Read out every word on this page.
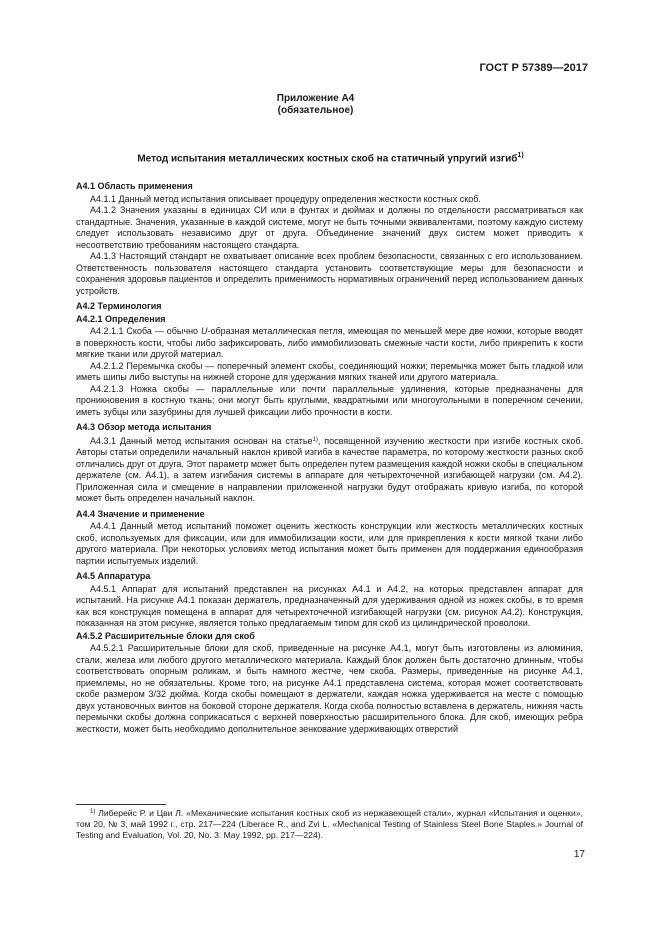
ГОСТ Р 57389—2017
Приложение А4
(обязательное)
Метод испытания металлических костных скоб на статичный упругий изгиб$^{1)}$

А4.1 Область применения

А4.1.1 Данный метод испытания описывает процедуру определения жесткости костных скоб.

А4.1.2 Значения указаны в единицах СИ или в фунтах и дюймах и должны по отдельности рассматриваться как стандартные. Значения, указанные в каждой системе, могут не быть точными эквивалентами, поэтому каждую систему следует использовать независимо друг от друга. Объединение значений двух систем может приводить к несоответствию требованиям настоящего стандарта.

А4.1.3 Настоящий стандарт не охватывает описание всех проблем безопасности, связанных с его использованием. Ответственность пользователя настоящего стандарта установить соответствующие меры для безопасности и сохранения здоровья пациентов и определить применимость нормативных ограничений перед использованием данных устройств.

А4.2 Терминология

А4.2.1 Определения

А4.2.1.1 Скоба — обычно U-образная металлическая петля, имеющая по меньшей мере две ножки, которые вводят в поверхность кости, чтобы либо зафиксировать, либо иммобилизовать смежные части кости, либо прикрепить к кости мягкие ткани или другой материал.

А4.2.1.2 Перемычка скобы — поперечный элемент скобы, соединяющий ножки; перемычка может быть гладкой или иметь шипы либо выступы на нижней стороне для удержания мягких тканей или другого материала.

А4.2.1.3 Ножка скобы — параллельные или почти параллельные удлинения, которые предназначены для проникновения в костную ткань; они могут быть круглыми, квадратными или многоугольными в поперечном сечении, иметь зубцы или зазубрины для лучшей фиксации либо прочности в кости.

А4.3 Обзор метода испытания

А4.3.1 Данный метод испытания основан на статье$^{1)}$, посвященной изучению жесткости при изгибе костных скоб. Авторы статьи определили начальный наклон кривой изгиба в качестве параметра, по которому жесткости разных скоб отличались друг от друга. Этот параметр может быть определен путем размещения каждой ножки скобы в специальном держателе (см. А4.1), а затем изгибания системы в аппарате для четырехточечной изгибающей нагрузки (см. А4.2). Приложенная сила и смещение в направлении приложенной нагрузки будут отображать кривую изгиба, по которой может быть определен начальный наклон.

А4.4 Значение и применение

А4.4.1 Данный метод испытаний поможет оценить жесткость конструкции или жесткость металлических костных скоб, используемых для фиксации, или для иммобилизации кости, или для прикрепления к кости мягкой ткани либо другого материала. При некоторых условиях метод испытания может быть применен для поддержания единообразия партии испытуемых изделий.

А4.5 Аппаратура

А4.5.1 Аппарат для испытаний представлен на рисунках А4.1 и А4.2, на которых представлен аппарат для испытаний. На рисунке А4.1 показан держатель, предназначенный для удерживания одной из ножек скобы, в то время как вся конструкция помещена в аппарат для четырехточечной изгибающей нагрузки (см. рисунок А4.2). Конструкция, показанная на этом рисунке, является только предлагаемым типом для скоб из цилиндрической проволоки.

А4.5.2 Расширительные блоки для скоб

А4.5.2.1 Расширительные блоки для скоб, приведенные на рисунке А4.1, могут быть изготовлены из алюминия, стали, железа или любого другого металлического материала. Каждый блок должен быть достаточно длинным, чтобы соответствовать опорным роликам, и быть намного жестче, чем скоба. Размеры, приведенные на рисунке А4.1, приемлемы, но не обязательны. Кроме того, на рисунке А4.1 представлена система, которая может соответствовать скобе размером 3/32 дюйма. Когда скобы помещают в держатели, каждая ножка удерживается на месте с помощью двух установочных винтов на боковой стороне держателя. Когда скоба полностью вставлена в держатель, нижняя часть перемычки скобы должна соприкасаться с верхней поверхностью расширительного блока. Для скоб, имеющих ребра жесткости, может быть необходимо дополнительное зенкование удерживающих отверстий

$^{1)}$ Либерейс Р. и Цви Л. «Механические испытания костных скоб из нержавеющей стали», журнал «Испытания и оценки», том 20, № 3, май 1992 г., стр. 217—224 (Liberace R., and Zvi L. «Mechanical Testing of Stainless Steel Bone Staples.» Journal of Testing and Evaluation, Vol. 20, No. 3. May 1992, pp. 217—224).

17
